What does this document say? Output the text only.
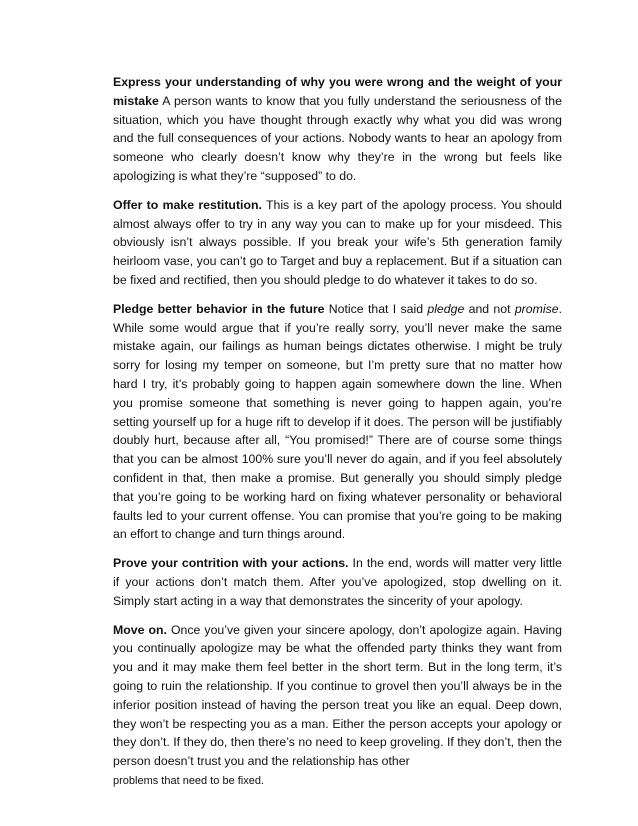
Express your understanding of why you were wrong and the weight of your mistake A person wants to know that you fully understand the seriousness of the situation, which you have thought through exactly why what you did was wrong and the full consequences of your actions. Nobody wants to hear an apology from someone who clearly doesn’t know why they’re in the wrong but feels like apologizing is what they’re “supposed” to do.

Offer to make restitution. This is a key part of the apology process. You should almost always offer to try in any way you can to make up for your misdeed. This obviously isn’t always possible. If you break your wife’s 5th generation family heirloom vase, you can’t go to Target and buy a replacement. But if a situation can be fixed and rectified, then you should pledge to do whatever it takes to do so.

Pledge better behavior in the future Notice that I said pledge and not promise. While some would argue that if you’re really sorry, you’ll never make the same mistake again, our failings as human beings dictates otherwise. I might be truly sorry for losing my temper on someone, but I’m pretty sure that no matter how hard I try, it’s probably going to happen again somewhere down the line. When you promise someone that something is never going to happen again, you’re setting yourself up for a huge rift to develop if it does. The person will be justifiably doubly hurt, because after all, “You promised!” There are of course some things that you can be almost 100% sure you’ll never do again, and if you feel absolutely confident in that, then make a promise. But generally you should simply pledge that you’re going to be working hard on fixing whatever personality or behavioral faults led to your current offense. You can promise that you’re going to be making an effort to change and turn things around.

Prove your contrition with your actions. In the end, words will matter very little if your actions don’t match them. After you’ve apologized, stop dwelling on it. Simply start acting in a way that demonstrates the sincerity of your apology.

Move on. Once you’ve given your sincere apology, don’t apologize again. Having you continually apologize may be what the offended party thinks they want from you and it may make them feel better in the short term. But in the long term, it’s going to ruin the relationship. If you continue to grovel then you’ll always be in the inferior position instead of having the person treat you like an equal. Deep down, they won’t be respecting you as a man. Either the person accepts your apology or they don’t. If they do, then there’s no need to keep groveling. If they don’t, then the person doesn’t trust you and the relationship has other
problems that need to be fixed.
